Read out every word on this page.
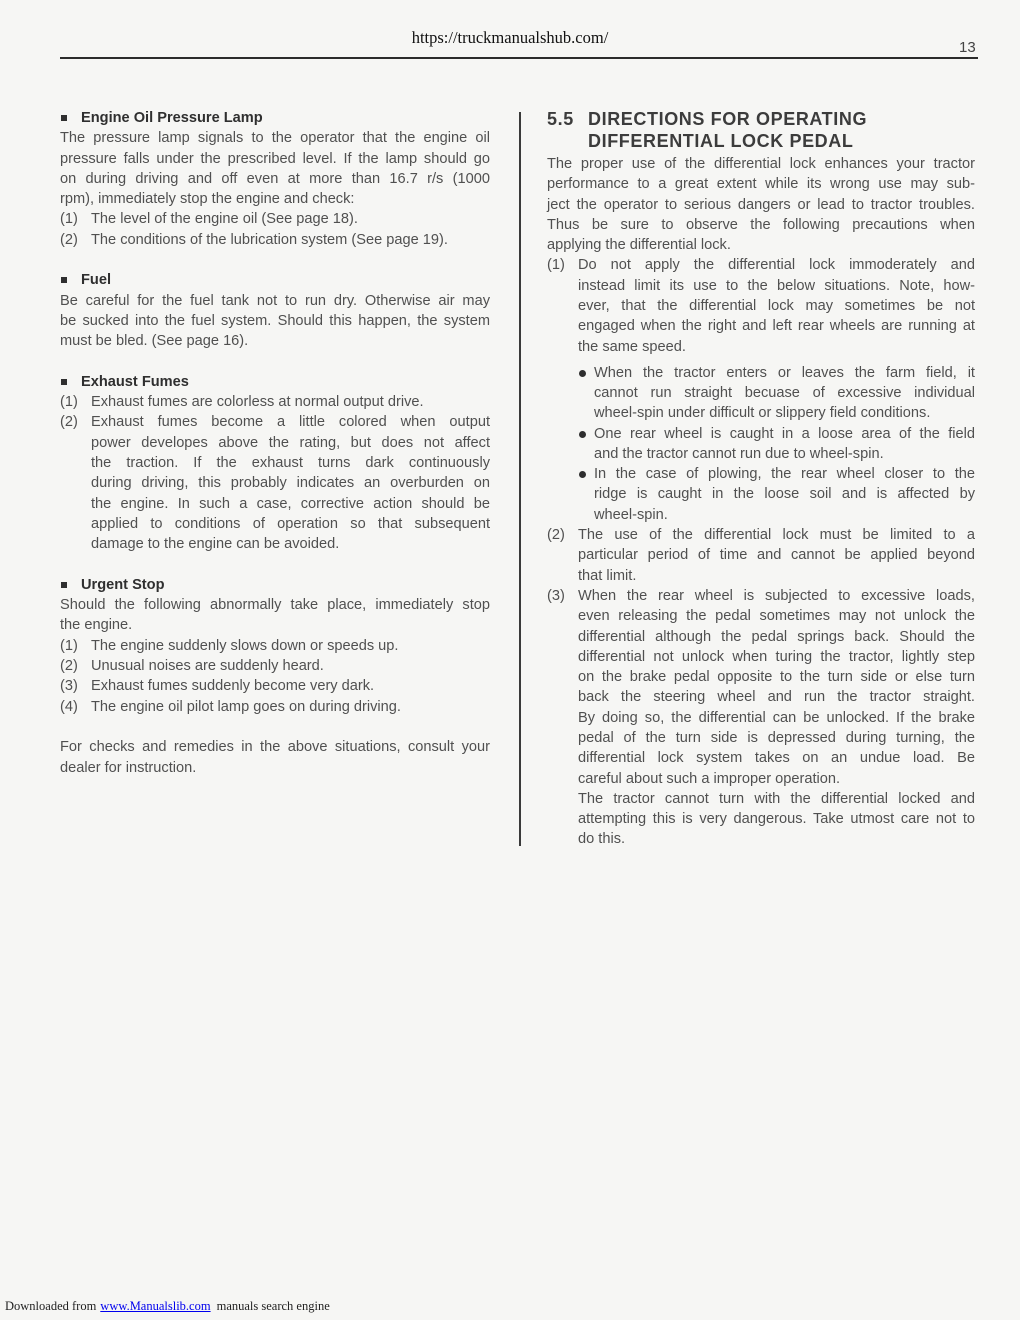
https://truckmanualshub.com/
13
Engine Oil Pressure Lamp
The pressure lamp signals to the operator that the engine oil
pressure falls under the prescribed level. If the lamp should go
on during driving and off even at more than 16.7 r/s (1000
rpm), immediately stop the engine and check:
(1) The level of the engine oil (See page 18).
(2) The conditions of the lubrication system (See page 19).
Fuel
Be careful for the fuel tank not to run dry. Otherwise air may
be sucked into the fuel system. Should this happen, the system
must be bled. (See page 16).
Exhaust Fumes
(1) Exhaust fumes are colorless at normal output drive.
(2) Exhaust fumes become a little colored when output
power developes above the rating, but does not affect
the traction. If the exhaust turns dark continuously
during driving, this probably indicates an overburden on
the engine. In such a case, corrective action should be
applied to conditions of operation so that subsequent
damage to the engine can be avoided.
Urgent Stop
Should the following abnormally take place, immediately stop
the engine.
(1) The engine suddenly slows down or speeds up.
(2) Unusual noises are suddenly heard.
(3) Exhaust fumes suddenly become very dark.
(4) The engine oil pilot lamp goes on during driving.
For checks and remedies in the above situations, consult your
dealer for instruction.
5.5 DIRECTIONS FOR OPERATING
DIFFERENTIAL LOCK PEDAL
The proper use of the differential lock enhances your tractor
performance to a great extent while its wrong use may sub-
ject the operator to serious dangers or lead to tractor troubles.
Thus be sure to observe the following precautions when
applying the differential lock.
(1) Do not apply the differential lock immoderately and
instead limit its use to the below situations. Note, how-
ever, that the differential lock may sometimes be not
engaged when the right and left rear wheels are running at
the same speed.
When the tractor enters or leaves the farm field, it
cannot run straight becuase of excessive individual
wheel-spin under difficult or slippery field conditions.
One rear wheel is caught in a loose area of the field
and the tractor cannot run due to wheel-spin.
In the case of plowing, the rear wheel closer to the
ridge is caught in the loose soil and is affected by
wheel-spin.
(2) The use of the differential lock must be limited to a
particular period of time and cannot be applied beyond
that limit.
(3) When the rear wheel is subjected to excessive loads,
even releasing the pedal sometimes may not unlock the
differential although the pedal springs back. Should the
differential not unlock when turing the tractor, lightly step
on the brake pedal opposite to the turn side or else turn
back the steering wheel and run the tractor straight.
By doing so, the differential can be unlocked. If the brake
pedal of the turn side is depressed during turning, the
differential lock system takes on an undue load. Be
careful about such a improper operation.
The tractor cannot turn with the differential locked and
attempting this is very dangerous. Take utmost care not to
do this.
Downloaded from www.Manualslib.com manuals search engine
